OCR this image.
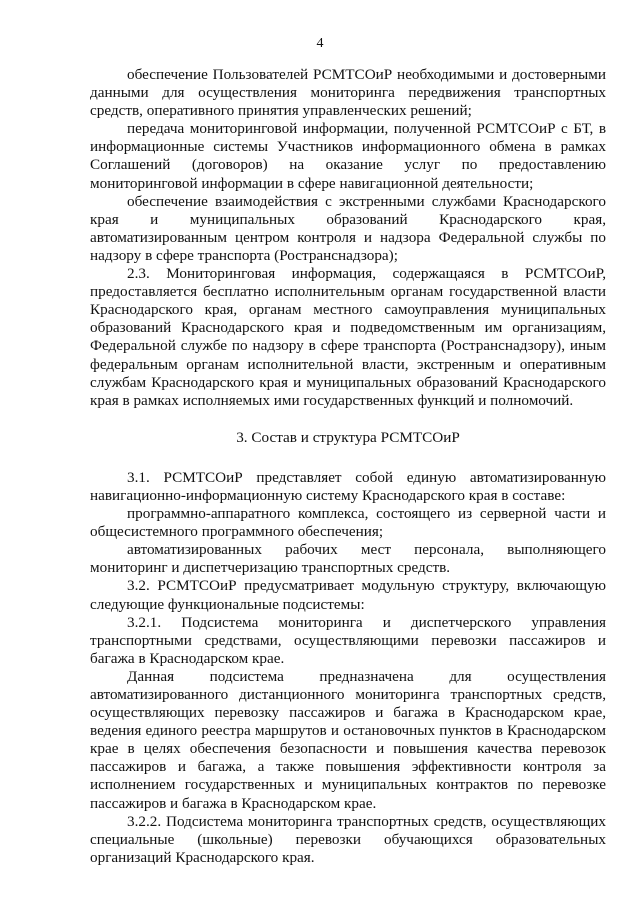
4

обеспечение Пользователей РСМТСОиР необходимыми и достоверными данными для осуществления мониторинга передвижения транспортных средств, оперативного принятия управленческих решений;

передача мониторинговой информации, полученной РСМТСОиР с БТ, в информационные системы Участников информационного обмена в рамках Соглашений (договоров) на оказание услуг по предоставлению мониторинговой информации в сфере навигационной деятельности;

обеспечение взаимодействия с экстренными службами Краснодарского края и муниципальных образований Краснодарского края, автоматизированным центром контроля и надзора Федеральной службы по надзору в сфере транспорта (Ространснадзора);

2.3. Мониторинговая информация, содержащаяся в РСМТСОиР, предоставляется бесплатно исполнительным органам государственной власти Краснодарского края, органам местного самоуправления муниципальных образований Краснодарского края и подведомственным им организациям, Федеральной службе по надзору в сфере транспорта (Ространснадзору), иным федеральным органам исполнительной власти, экстренным и оперативным службам Краснодарского края и муниципальных образований Краснодарского края в рамках исполняемых ими государственных функций и полномочий.

3. Состав и структура РСМТСОиР

3.1. РСМТСОиР представляет собой единую автоматизированную навигационно-информационную систему Краснодарского края в составе:

программно-аппаратного комплекса, состоящего из серверной части и общесистемного программного обеспечения;

автоматизированных рабочих мест персонала, выполняющего мониторинг и диспетчеризацию транспортных средств.

3.2. РСМТСОиР предусматривает модульную структуру, включающую следующие функциональные подсистемы:

3.2.1. Подсистема мониторинга и диспетчерского управления транспортными средствами, осуществляющими перевозки пассажиров и багажа в Краснодарском крае.

Данная подсистема предназначена для осуществления автоматизированного дистанционного мониторинга транспортных средств, осуществляющих перевозку пассажиров и багажа в Краснодарском крае, ведения единого реестра маршрутов и остановочных пунктов в Краснодарском крае в целях обеспечения безопасности и повышения качества перевозок пассажиров и багажа, а также повышения эффективности контроля за исполнением государственных и муниципальных контрактов по перевозке пассажиров и багажа в Краснодарском крае.

3.2.2. Подсистема мониторинга транспортных средств, осуществляющих специальные (школьные) перевозки обучающихся образовательных организаций Краснодарского края.
